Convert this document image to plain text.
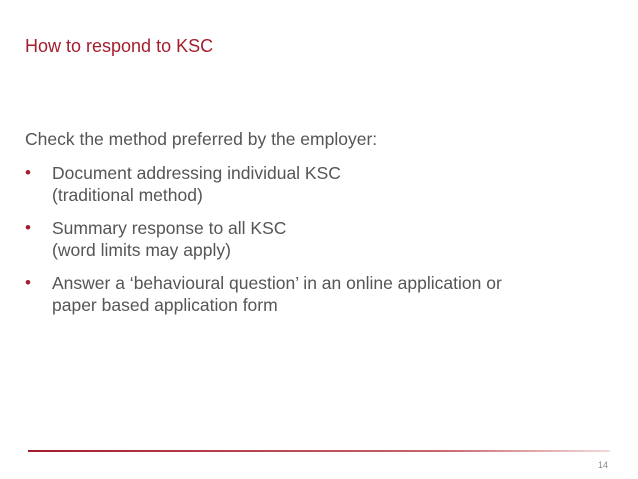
How to respond to KSC

Check the method preferred by the employer:

• Document addressing individual KSC
(traditional method)
• Summary response to all KSC
(word limits may apply)
• Answer a ‘behavioural question’ in an online application or
paper based application form
14
